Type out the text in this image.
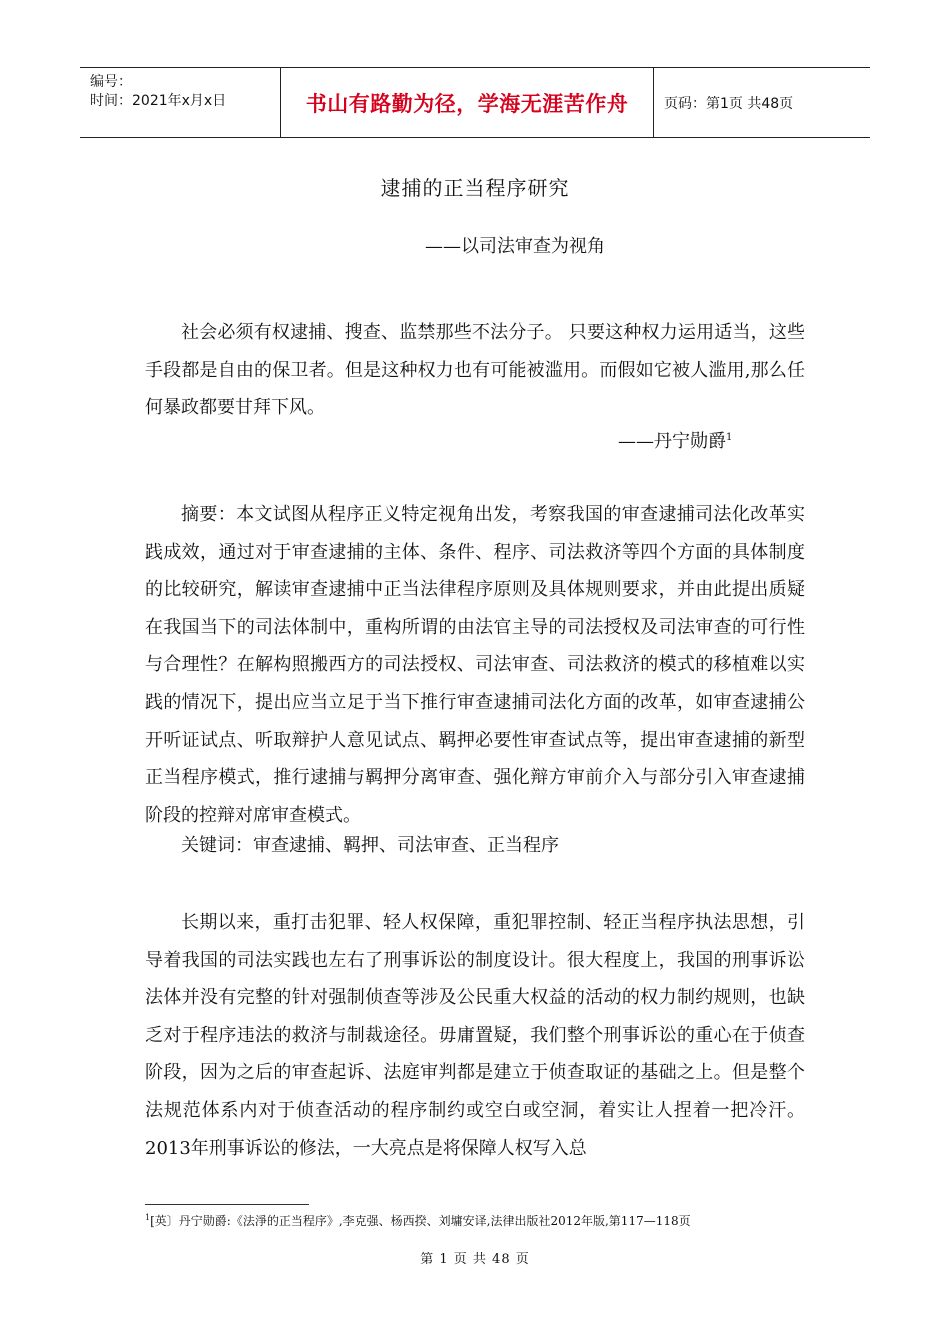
编号：
时间：2021年x月x日	书山有路勤为径，学海无涯苦作舟	页码：第1页 共48页
逮捕的正当程序研究
——以司法审查为视角

社会必须有权逮捕、搜查、监禁那些不法分子。 只要这种权力运用适当，这些手段都是自由的保卫者。但是这种权力也有可能被滥用。而假如它被人滥用,那么任何暴政都要甘拜下风。

——丹宁勋爵$^1$

摘要：本文试图从程序正义特定视角出发，考察我国的审查逮捕司法化改革实践成效，通过对于审查逮捕的主体、条件、程序、司法救济等四个方面的具体制度的比较研究，解读审查逮捕中正当法律程序原则及具体规则要求，并由此提出质疑在我国当下的司法体制中，重构所谓的由法官主导的司法授权及司法审查的可行性与合理性？在解构照搬西方的司法授权、司法审查、司法救济的模式的移植难以实践的情况下，提出应当立足于当下推行审查逮捕司法化方面的改革，如审查逮捕公开听证试点、听取辩护人意见试点、羁押必要性审查试点等，提出审查逮捕的新型正当程序模式，推行逮捕与羁押分离审查、强化辩方审前介入与部分引入审查逮捕阶段的控辩对席审查模式。

关键词：审查逮捕、羁押、司法审查、正当程序

长期以来，重打击犯罪、轻人权保障，重犯罪控制、轻正当程序执法思想，引导着我国的司法实践也左右了刑事诉讼的制度设计。很大程度上，我国的刑事诉讼法体并没有完整的针对强制侦查等涉及公民重大权益的活动的权力制约规则，也缺乏对于程序违法的救济与制裁途径。毋庸置疑，我们整个刑事诉讼的重心在于侦查阶段，因为之后的审查起诉、法庭审判都是建立于侦查取证的基础之上。但是整个法规范体系内对于侦查活动的程序制约或空白或空洞，着实让人捏着一把冷汗。2013年刑事诉讼的修法，一大亮点是将保障人权写入总

$^1$[英〕丹宁勋爵:《法淨的正当程序》,李克强、杨西揆、刘墉安译,法律出版社2012年版,第117—118页
第 1 页 共 48 页
